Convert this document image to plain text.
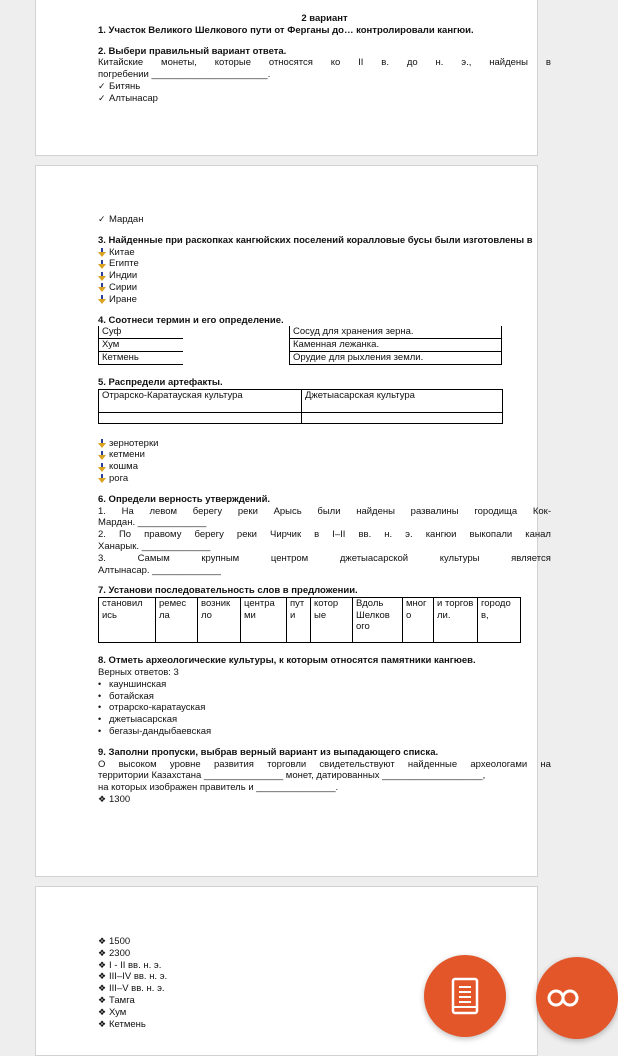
2 вариант
1. Участок Великого Шелкового пути от Ферганы до… контролировали кангюи.
2. Выбери правильный вариант ответа.
Китайские монеты, которые относятся ко II в. до н. э., найдены в
погребении ______________________.
✓ Битянь
✓ Алтынасар
✓ Мардан
3. Найденные при раскопках кангюйских поселений коралловые бусы были изготовлены в
Китае
Египте
Индии
Сирии
Иране
4. Соотнеси термин и его определение.
Суф		Сосуд для хранения зерна.
Хум		Каменная лежанка.
Кетмень		Орудие для рыхления земли.
5. Распредели артефакты.
Отрарско-Каратауская культура	Джетыасарская культура

зернотерки
кетмени
кошма
рога
6. Определи верность утверждений.
1. На левом берегу реки Арысь были найдены развалины городища Кок-
Мардан. _____________
2. По правому берегу реки Чирчик в I–II вв. н. э. кангюи выкопали канал
Ханарык. _____________
3.	Самым	крупным	центром	джетыасарской	культуры	является
Алтынасар. _____________
7. Установи последовательность слов в предложении.
становил ись	ремес ла	возник ло	центра ми	пут и	котор ые	Вдоль Шелков ого	мног о	и торгов ли.	городо в,
8. Отметь археологические культуры, к которым относятся памятники кангюев.
Верных ответов: 3
• кауншинская
• ботайская
• отрарско-каратауская
• джетыасарская
• бегазы-дандыбаевская
9. Заполни пропуски, выбрав верный вариант из выпадающего списка.
О высоком уровне развития торговли свидетельствуют найденные археологами на
территории Казахстана _______________ монет, датированных ___________________,
на которых изображен правитель и _______________.
❖ 1300
❖ 1500
❖ 2300
❖ I - II вв. н. э.
❖ III–IV вв. н. э.
❖ III–V вв. н. э.
❖ Тамга
❖ Хум
❖ Кетмень
